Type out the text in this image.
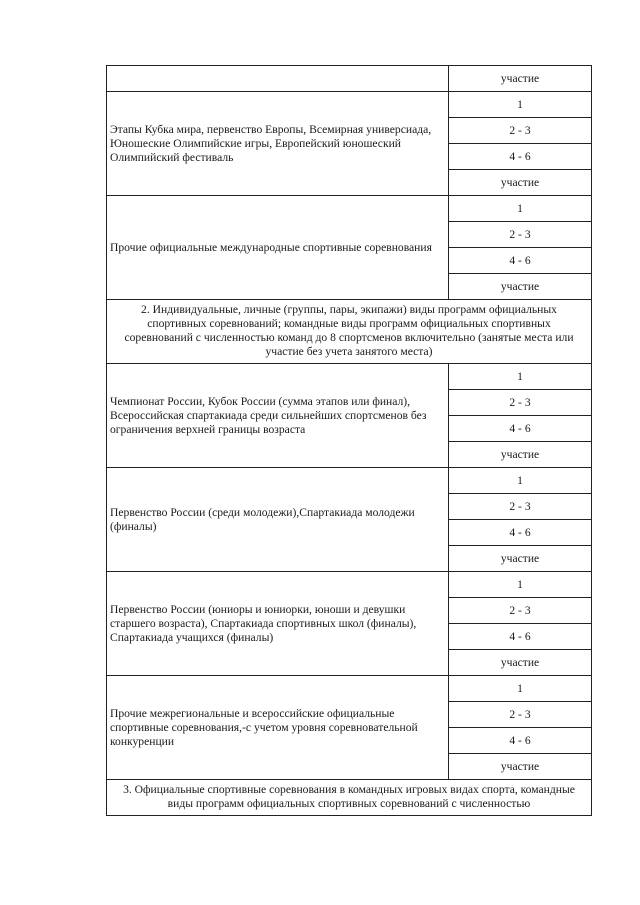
	участие
Этапы Кубка мира, первенство Европы, Всемирная универсиада, Юношеские Олимпийские игры, Европейский юношеский Олимпийский фестиваль	1
	2 - 3
	4 - 6
	участие
Прочие официальные международные спортивные соревнования	1
	2 - 3
	4 - 6
	участие
2. Индивидуальные, личные (группы, пары, экипажи) виды программ официальных спортивных соревнований; командные виды программ официальных спортивных соревнований с численностью команд до 8 спортсменов включительно (занятые места или участие без учета занятого места)	
Чемпионат России, Кубок России (сумма этапов или финал), Всероссийская спартакиада среди сильнейших спортсменов без ограничения верхней границы возраста	1
	2 - 3
	4 - 6
	участие
Первенство России (среди молодежи),Спартакиада молодежи (финалы)	1
	2 - 3
	4 - 6
	участие
Первенство России (юниоры и юниорки, юноши и девушки старшего возраста), Спартакиада спортивных школ (финалы), Спартакиада учащихся (финалы)	1
	2 - 3
	4 - 6
	участие
Прочие межрегиональные и всероссийские официальные спортивные соревнования,-с учетом уровня соревновательной конкуренции	1
	2 - 3
	4 - 6
	участие
3. Официальные спортивные соревнования в командных игровых видах спорта, командные виды программ официальных спортивных соревнований с численностью	
